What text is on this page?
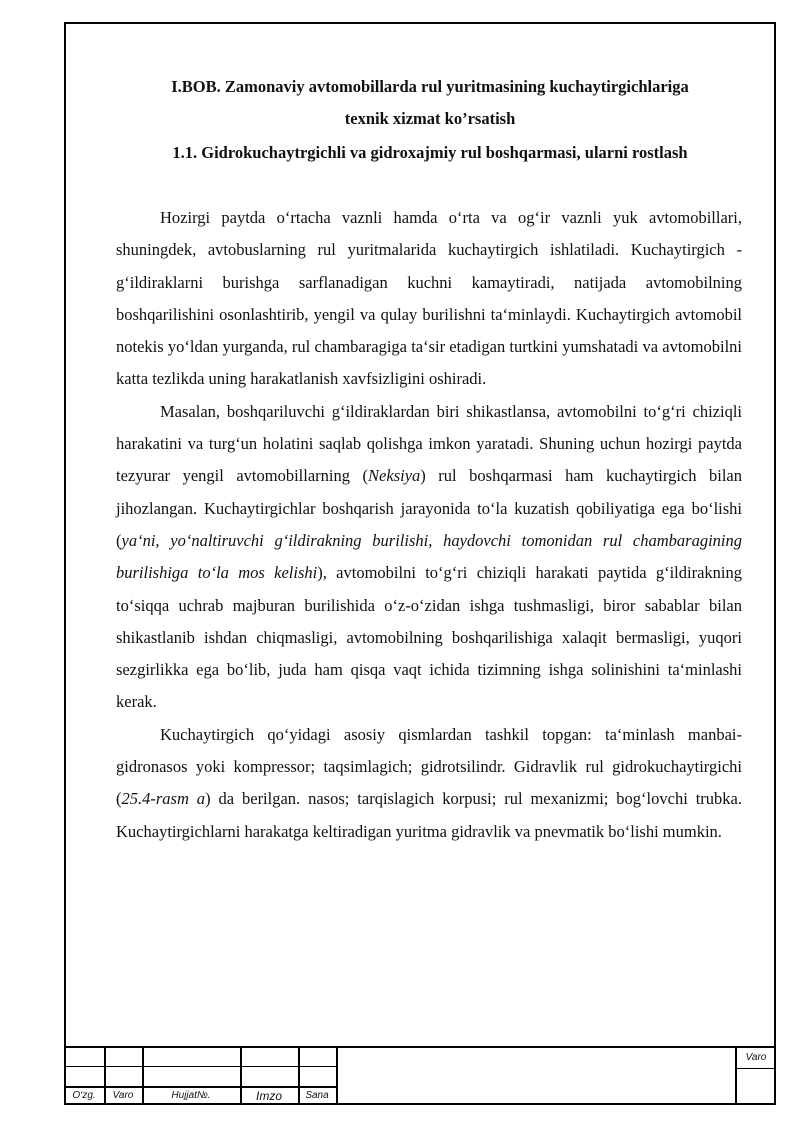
I.BOB. Zamonaviy avtomobillarda rul yuritmasining kuchaytirgichlariga
texnik xizmat ko’rsatish
1.1. Gidrokuchaytrgichli va gidroxajmiy rul boshqarmasi, ularni rostlash

Hozirgi paytda o‘rtacha vaznli hamda o‘rta va og‘ir vaznli yuk avtomobillari, shuningdek, avtobuslarning rul yuritmalarida kuchaytirgich ishlatiladi. Kuchaytirgich - g‘ildiraklarni burishga sarflanadigan kuchni kamaytiradi, natijada avtomobilning boshqarilishini osonlashtirib, yengil va qulay burilishni ta‘minlaydi. Kuchaytirgich avtomobil notekis yo‘ldan yurganda, rul chambaragiga ta‘sir etadigan turtkini yumshatadi va avtomobilni katta tezlikda uning harakatlanish xavfsizligini oshiradi.

Masalan, boshqariluvchi g‘ildiraklardan biri shikastlansa, avtomobilni to‘g‘ri chiziqli harakatini va turg‘un holatini saqlab qolishga imkon yaratadi. Shuning uchun hozirgi paytda tezyurar yengil avtomobillarning (Neksiya) rul boshqarmasi ham kuchaytirgich bilan jihozlangan. Kuchaytirgichlar boshqarish jarayonida to‘la kuzatish qobiliyatiga ega bo‘lishi (ya‘ni, yo‘naltiruvchi g‘ildirakning burilishi, haydovchi tomonidan rul chambaragining burilishiga to‘la mos kelishi), avtomobilni to‘g‘ri chiziqli harakati paytida g‘ildirakning to‘siqqa uchrab majburan burilishida o‘z-o‘zidan ishga tushmasligi, biror sabablar bilan shikastlanib ishdan chiqmasligi, avtomobilning boshqarilishiga xalaqit bermasligi, yuqori sezgirlikka ega bo‘lib, juda ham qisqa vaqt ichida tizimning ishga solinishini ta‘minlashi kerak.

Kuchaytirgich qo‘yidagi asosiy qismlardan tashkil topgan: ta‘minlash manbai-gidronasos yoki kompressor; taqsimlagich; gidrotsilindr. Gidravlik rul gidrokuchaytirgichi (25.4-rasm a) da berilgan. nasos; tarqislagich korpusi; rul mexanizmi; bog‘lovchi trubka. Kuchaytirgichlarni harakatga keltiradigan yuritma gidravlik va pnevmatik bo‘lishi mumkin.

O‘zg.	Varo	Hujjat№.	Imzo	Sana
Varo
